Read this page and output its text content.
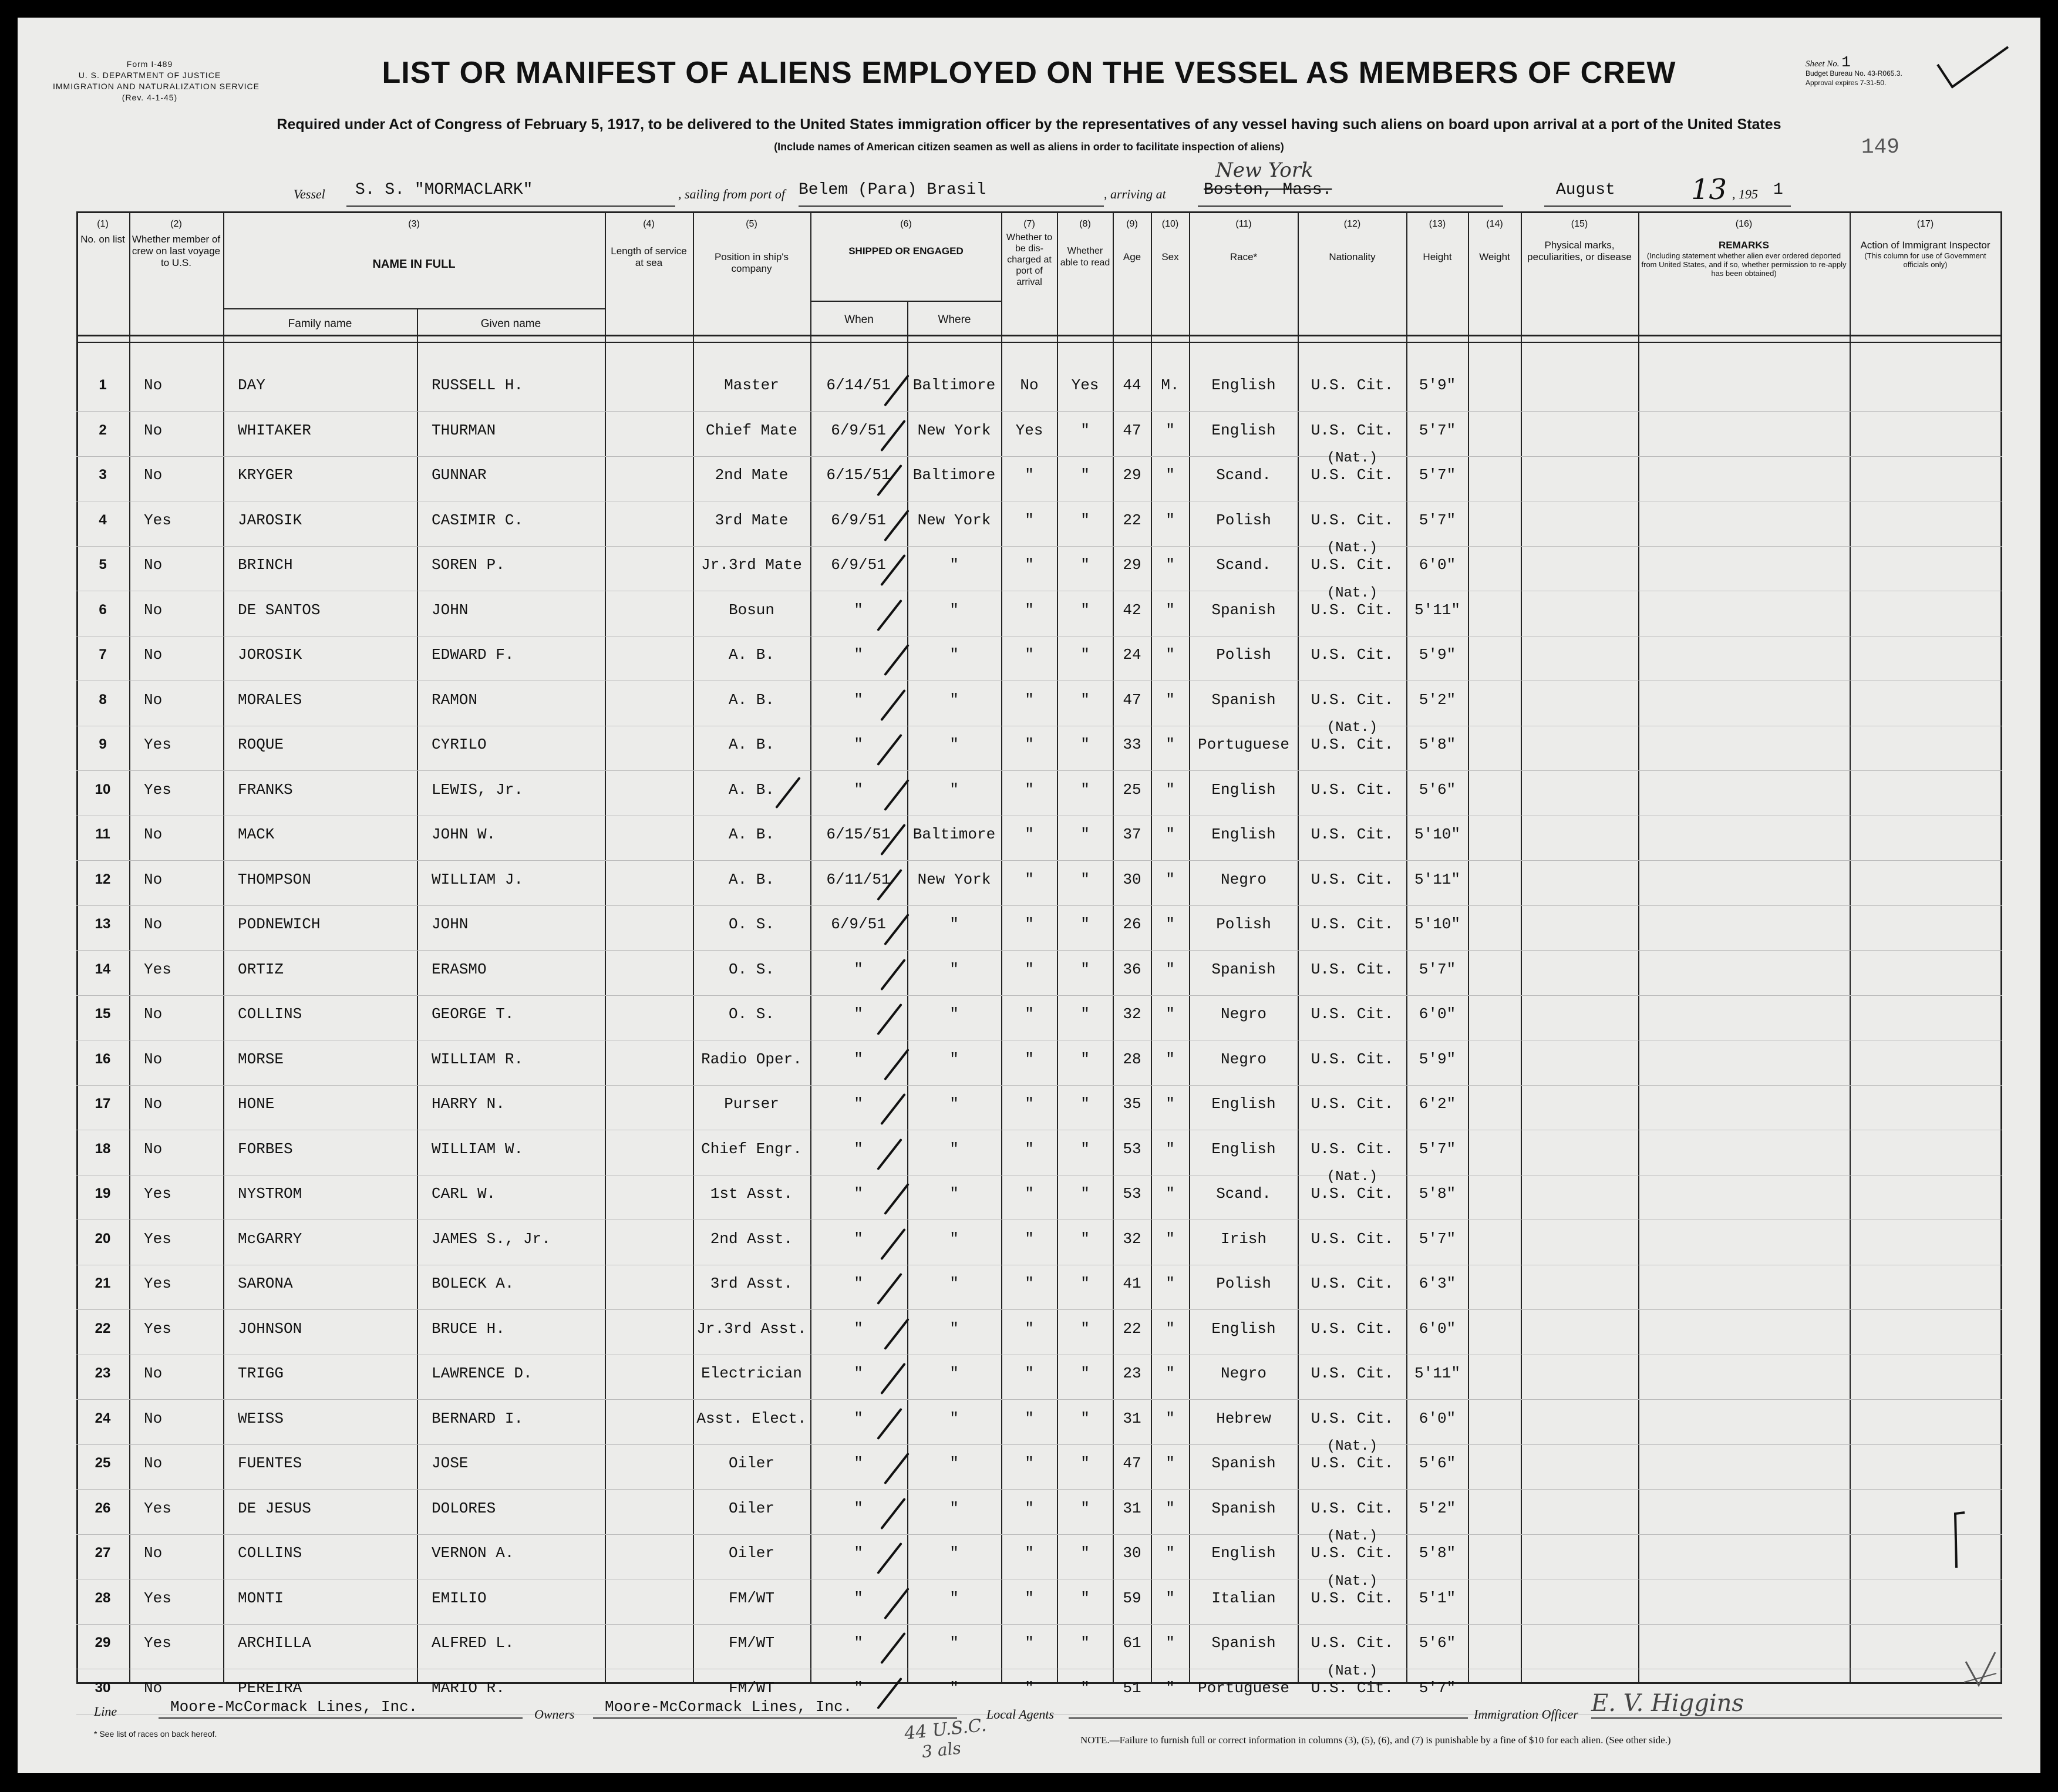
Form I-489
U. S. DEPARTMENT OF JUSTICE
IMMIGRATION AND NATURALIZATION SERVICE
(Rev. 4-1-45)
LIST OR MANIFEST OF ALIENS EMPLOYED ON THE VESSEL AS MEMBERS OF CREW	Sheet No. 1
Budget Bureau No. 43-R065.3.
Approval expires 7-31-50.
Required under Act of Congress of February 5, 1917, to be delivered to the United States immigration officer by the representatives of any vessel having such aliens on board upon arrival at a port of the United States
(Include names of American citizen seamen as well as aliens in order to facilitate inspection of aliens)	149
Vessel S. S. "MORMACLARK"	, sailing from port of Belem (Para) Brasil	, arriving at Boston, Mass.
New York
August	13 , 195 1
(1)
No. on list
(2)
Whether member of crew on last voyage to U.S.
(3)
NAME IN FULL
Family name	Given name
(4)
Length of service at sea
(5)
Position in ship's company
(6)
SHIPPED OR ENGAGED
When	Where
(7)
Whether to be dis-charged at port of arrival
(8)
Whether able to read
(9)
Age
(10)
Sex
(11)
Race*
(12)
Nationality
(13)
Height
(14)
Weight
(15)
Physical marks, peculiarities, or disease
(16)
REMARKS
(Including statement whether alien ever ordered deported from United States, and if so, whether permission to re-apply has been obtained)
(17)
Action of Immigrant Inspector
(This column for use of Government officials only)
1	No	DAY	RUSSELL H.	Master	6/14/51	Baltimore	No	Yes	44	M.	English	U.S. Cit.	5'9"
2	No	WHITAKER	THURMAN	Chief Mate	6/9/51	New York	Yes	"	47	"	English	U.S. Cit.	5'7"
3	No	KRYGER	GUNNAR	2nd Mate	6/15/51	Baltimore	"	"	29	"	Scand.	U.S. Cit.	5'7"
(Nat.)
4	Yes	JAROSIK	CASIMIR C.	3rd Mate	6/9/51	New York	"	"	22	"	Polish	U.S. Cit.	5'7"
5	No	BRINCH	SOREN P.	Jr.3rd Mate	6/9/51	"	"	"	29	"	Scand.	U.S. Cit.	6'0"
(Nat.)
6	No	DE SANTOS	JOHN	Bosun	"	"	"	"	42	"	Spanish	U.S. Cit.	5'11"
(Nat.)
7	No	JOROSIK	EDWARD F.	A. B.	"	"	"	"	24	"	Polish	U.S. Cit.	5'9"
8	No	MORALES	RAMON	A. B.	"	"	"	"	47	"	Spanish	U.S. Cit.	5'2"
9	Yes	ROQUE	CYRILO	A. B.	"	"	"	"	33	"	Portuguese	U.S. Cit.	5'8"
(Nat.)
10	Yes	FRANKS	LEWIS, Jr.	A. B.	"	"	"	"	25	"	English	U.S. Cit.	5'6"
11	No	MACK	JOHN W.	A. B.	6/15/51	Baltimore	"	"	37	"	English	U.S. Cit.	5'10"
12	No	THOMPSON	WILLIAM J.	A. B.	6/11/51	New York	"	"	30	"	Negro	U.S. Cit.	5'11"
13	No	PODNEWICH	JOHN	O. S.	6/9/51	"	"	"	26	"	Polish	U.S. Cit.	5'10"
14	Yes	ORTIZ	ERASMO	O. S.	"	"	"	"	36	"	Spanish	U.S. Cit.	5'7"
15	No	COLLINS	GEORGE T.	O. S.	"	"	"	"	32	"	Negro	U.S. Cit.	6'0"
16	No	MORSE	WILLIAM R.	Radio Oper.	"	"	"	"	28	"	Negro	U.S. Cit.	5'9"
17	No	HONE	HARRY N.	Purser	"	"	"	"	35	"	English	U.S. Cit.	6'2"
18	No	FORBES	WILLIAM W.	Chief Engr.	"	"	"	"	53	"	English	U.S. Cit.	5'7"
19	Yes	NYSTROM	CARL W.	1st Asst.	"	"	"	"	53	"	Scand.	U.S. Cit.	5'8"
(Nat.)
20	Yes	McGARRY	JAMES S., Jr.	2nd Asst.	"	"	"	"	32	"	Irish	U.S. Cit.	5'7"
21	Yes	SARONA	BOLECK A.	3rd Asst.	"	"	"	"	41	"	Polish	U.S. Cit.	6'3"
22	Yes	JOHNSON	BRUCE H.	Jr.3rd Asst.	"	"	"	"	22	"	English	U.S. Cit.	6'0"
23	No	TRIGG	LAWRENCE D.	Electrician	"	"	"	"	23	"	Negro	U.S. Cit.	5'11"
24	No	WEISS	BERNARD I.	Asst. Elect.	"	"	"	"	31	"	Hebrew	U.S. Cit.	6'0"
25	No	FUENTES	JOSE	Oiler	"	"	"	"	47	"	Spanish	U.S. Cit.	5'6"
(Nat.)
26	Yes	DE JESUS	DOLORES	Oiler	"	"	"	"	31	"	Spanish	U.S. Cit.	5'2"
27	No	COLLINS	VERNON A.	Oiler	"	"	"	"	30	"	English	U.S. Cit.	5'8"
(Nat.)
28	Yes	MONTI	EMILIO	FM/WT	"	"	"	"	59	"	Italian	U.S. Cit.	5'1"
(Nat.)
29	Yes	ARCHILLA	ALFRED L.	FM/WT	"	"	"	"	61	"	Spanish	U.S. Cit.	5'6"
30	No	PEREIRA	MARIO R.	FM/WT	"	"	"	"	51	"	Portuguese	U.S. Cit.	5'7"
(Nat.)
Line	Moore-McCormack Lines, Inc.	Owners Moore-McCormack Lines, Inc.	Local Agents	Immigration Officer E. V. Higgins
* See list of races on back hereof.	44 U.S.C.
3 als	NOTE.—Failure to furnish full or correct information in columns (3), (5), (6), and (7) is punishable by a fine of $10 for each alien. (See other side.)
